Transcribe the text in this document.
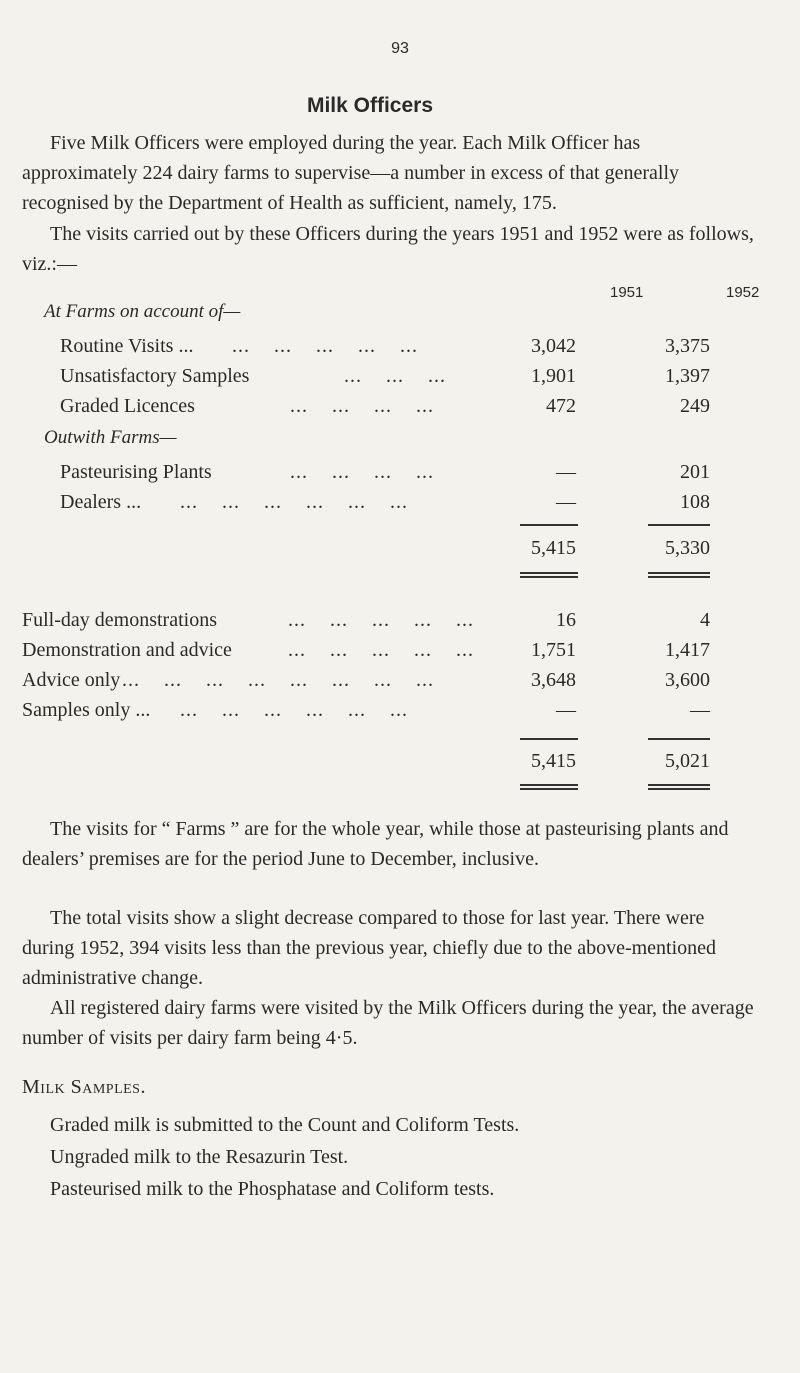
93
Milk Officers

Five Milk Officers were employed during the year. Each Milk Officer has approximately 224 dairy farms to supervise—a number in excess of that generally recognised by the Department of Health as sufficient, namely, 175.

The visits carried out by these Officers during the years 1951 and 1952 were as follows, viz.:—

1951	1952
At Farms on account of—
Routine Visits ... ...    ...    ...    ...    ...	3,042	3,375
Unsatisfactory Samples	...    ...    ...	1,901	1,397
Graded Licences	...    ...    ...    ...	472	249
Outwith Farms—
Pasteurising Plants	...    ...    ...    ...	—	201
Dealers ... ...    ...    ...    ...    ...    ...	—	108
5,415	5,330
Full-day demonstrations	...    ...    ...    ...    ...	16	4
Demonstration and advice	...    ...    ...    ...    ...	1,751	1,417
Advice only ...    ...    ...    ...    ...    ...    ...    ...	3,648	3,600
Samples only ... ...    ...    ...    ...    ...    ...	—	—
5,415	5,021

The visits for “ Farms ” are for the whole year, while those at pasteurising plants and dealers’ premises are for the period June to December, inclusive.

The total visits show a slight decrease compared to those for last year. There were during 1952, 394 visits less than the previous year, chiefly due to the above-mentioned administrative change.

All registered dairy farms were visited by the Milk Officers during the year, the average number of visits per dairy farm being 4·5.

Milk Samples.
Graded milk is submitted to the Count and Coliform Tests.
Ungraded milk to the Resazurin Test.
Pasteurised milk to the Phosphatase and Coliform tests.
